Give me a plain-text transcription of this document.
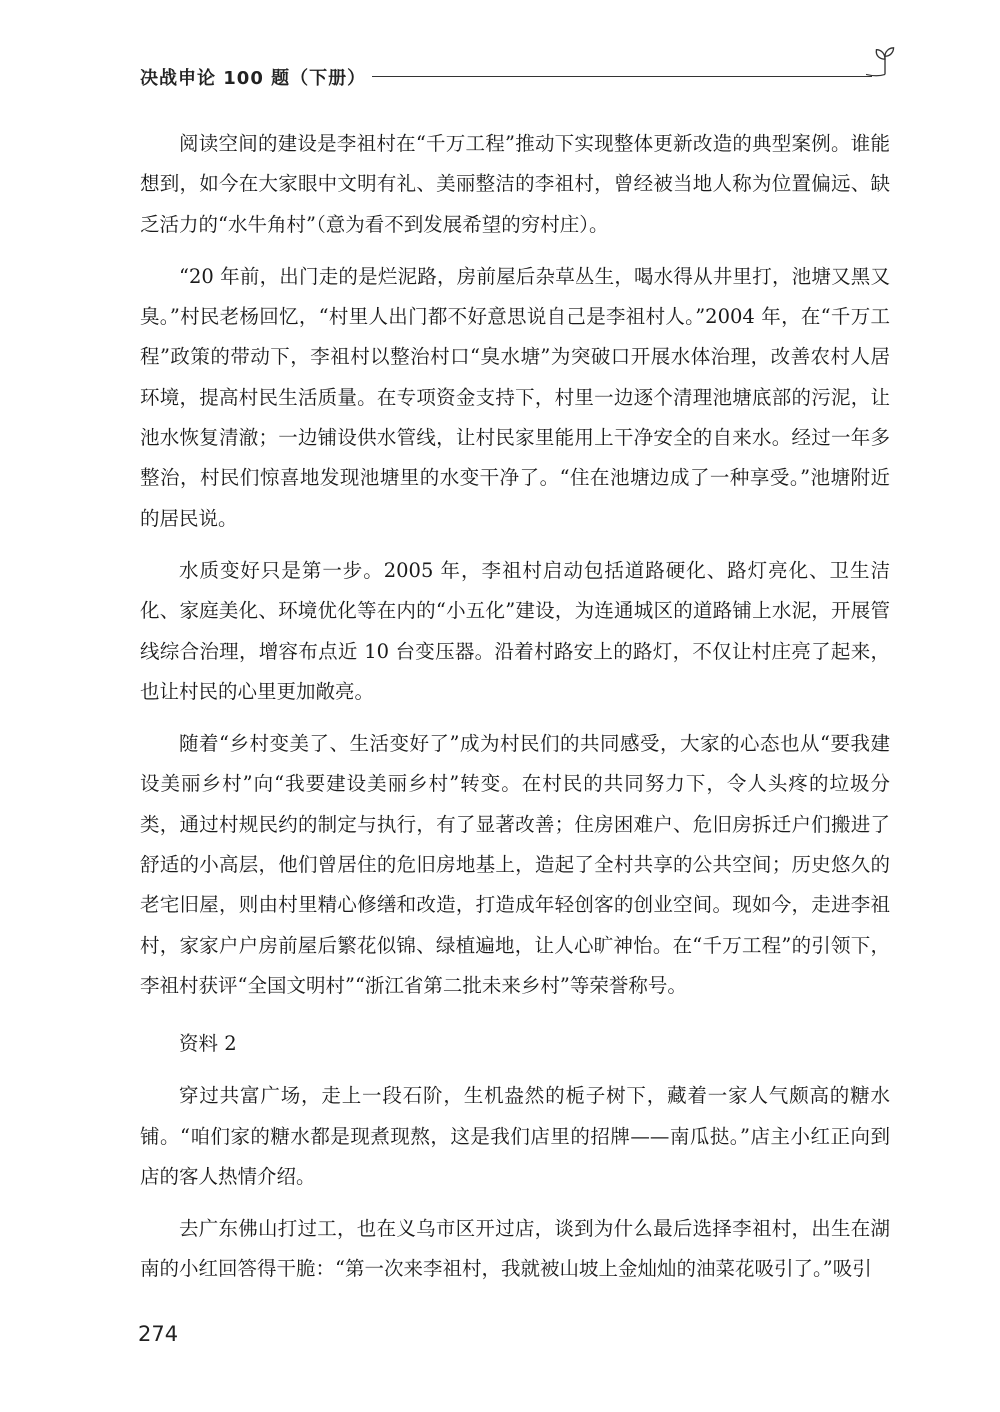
决战申论 100 题（下册）

阅读空间的建设是李祖村在“千万工程”推动下实现整体更新改造的典型案例。谁能想到，如今在大家眼中文明有礼、美丽整洁的李祖村，曾经被当地人称为位置偏远、缺乏活力的“水牛角村”（意为看不到发展希望的穷村庄）。

“20 年前，出门走的是烂泥路，房前屋后杂草丛生，喝水得从井里打，池塘又黑又臭。”村民老杨回忆，“村里人出门都不好意思说自己是李祖村人。”2004 年，在“千万工程”政策的带动下，李祖村以整治村口“臭水塘”为突破口开展水体治理，改善农村人居环境，提高村民生活质量。在专项资金支持下，村里一边逐个清理池塘底部的污泥，让池水恢复清澈；一边铺设供水管线，让村民家里能用上干净安全的自来水。经过一年多整治，村民们惊喜地发现池塘里的水变干净了。“住在池塘边成了一种享受。”池塘附近的居民说。

水质变好只是第一步。2005 年，李祖村启动包括道路硬化、路灯亮化、卫生洁化、家庭美化、环境优化等在内的“小五化”建设，为连通城区的道路铺上水泥，开展管线综合治理，增容布点近 10 台变压器。沿着村路安上的路灯，不仅让村庄亮了起来，也让村民的心里更加敞亮。

随着“乡村变美了、生活变好了”成为村民们的共同感受，大家的心态也从“要我建设美丽乡村”向“我要建设美丽乡村”转变。在村民的共同努力下，令人头疼的垃圾分类，通过村规民约的制定与执行，有了显著改善；住房困难户、危旧房拆迁户们搬进了舒适的小高层，他们曾居住的危旧房地基上，造起了全村共享的公共空间；历史悠久的老宅旧屋，则由村里精心修缮和改造，打造成年轻创客的创业空间。现如今，走进李祖村，家家户户房前屋后繁花似锦、绿植遍地，让人心旷神怡。在“千万工程”的引领下，李祖村获评“全国文明村”“浙江省第二批未来乡村”等荣誉称号。

资料 2

穿过共富广场，走上一段石阶，生机盎然的栀子树下，藏着一家人气颇高的糖水铺。“咱们家的糖水都是现煮现熬，这是我们店里的招牌——南瓜挞。”店主小红正向到店的客人热情介绍。

去广东佛山打过工，也在义乌市区开过店，谈到为什么最后选择李祖村，出生在湖南的小红回答得干脆：“第一次来李祖村，我就被山坡上金灿灿的油菜花吸引了。”吸引

274
